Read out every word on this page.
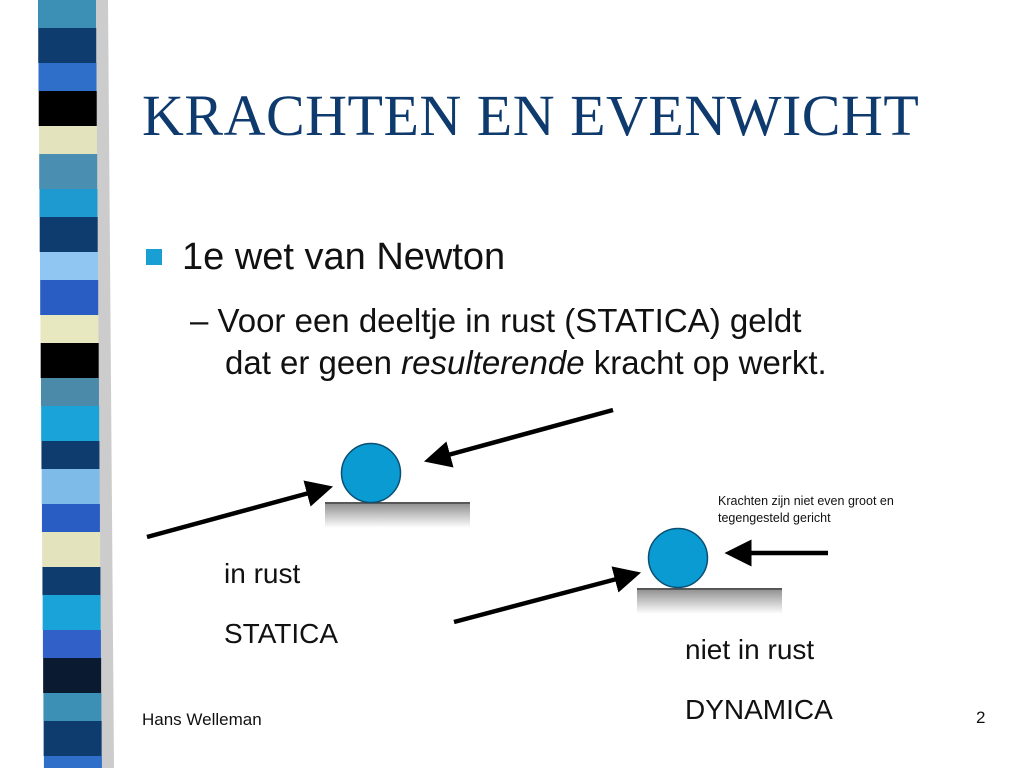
KRACHTEN EN EVENWICHT
1e wet van Newton
– Voor een deeltje in rust (STATICA) geldt
dat er geen resulterende kracht op werkt.
Krachten zijn niet even groot en tegengesteld gericht
in rust
STATICA
niet in rust
DYNAMICA
Hans Welleman	2
